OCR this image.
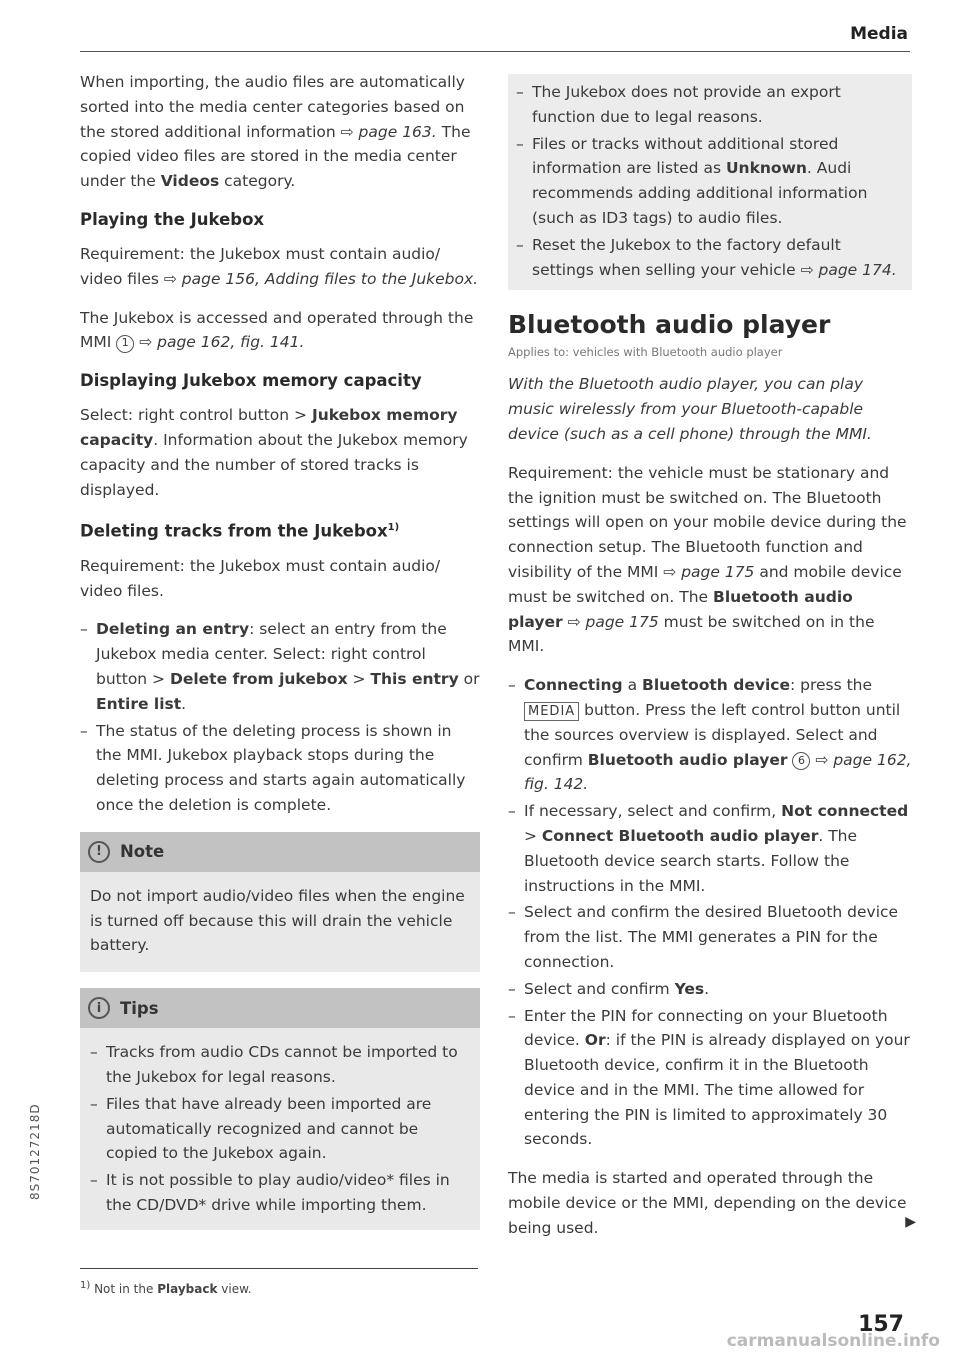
Media

When importing, the audio files are automatically sorted into the media center categories based on the stored additional information ⇨ page 163. The copied video files are stored in the media center under the Videos category.

Playing the Jukebox

Requirement: the Jukebox must contain audio/ video files ⇨ page 156, Adding files to the Jukebox.

The Jukebox is accessed and operated through the MMI 1 ⇨ page 162, fig. 141.

Displaying Jukebox memory capacity

Select: right control button > Jukebox memory capacity. Information about the Jukebox memory capacity and the number of stored tracks is displayed.

Deleting tracks from the Jukebox$^{1)}$

Requirement: the Jukebox must contain audio/ video files.

– Deleting an entry: select an entry from the Jukebox media center. Select: right control button > Delete from jukebox > This entry or Entire list.
– The status of the deleting process is shown in the MMI. Jukebox playback stops during the deleting process and starts again automatically once the deletion is complete.
!	Note

Do not import audio/video files when the engine is turned off because this will drain the vehicle battery.

i	Tips
– Tracks from audio CDs cannot be imported to the Jukebox for legal reasons.
– Files that have already been imported are automatically recognized and cannot be copied to the Jukebox again.
– It is not possible to play audio/video* files in the CD/DVD* drive while importing them.
– The Jukebox does not provide an export function due to legal reasons.
– Files or tracks without additional stored information are listed as Unknown. Audi recommends adding additional information (such as ID3 tags) to audio files.
– Reset the Jukebox to the factory default settings when selling your vehicle ⇨ page 174.
Bluetooth audio player
Applies to: vehicles with Bluetooth audio player

With the Bluetooth audio player, you can play music wirelessly from your Bluetooth-capable device (such as a cell phone) through the MMI.

Requirement: the vehicle must be stationary and the ignition must be switched on. The Bluetooth settings will open on your mobile device during the connection setup. The Bluetooth function and visibility of the MMI ⇨ page 175 and mobile device must be switched on. The Bluetooth audio player ⇨ page 175 must be switched on in the MMI.

– Connecting a Bluetooth device: press the MEDIA button. Press the left control button until the sources overview is displayed. Select and confirm Bluetooth audio player 6 ⇨ page 162, fig. 142.
– If necessary, select and confirm, Not connected > Connect Bluetooth audio player. The Bluetooth device search starts. Follow the instructions in the MMI.
– Select and confirm the desired Bluetooth device from the list. The MMI generates a PIN for the connection.
– Select and confirm Yes.
– Enter the PIN for connecting on your Bluetooth device. Or: if the PIN is already displayed on your Bluetooth device, confirm it in the Bluetooth device and in the MMI. The time allowed for entering the PIN is limited to approximately 30 seconds.

The media is started and operated through the mobile device or the MMI, depending on the device being used.	▶
$^{1)}$ Not in the Playback view.
157
8S70127218D
carmanualsonline.info
